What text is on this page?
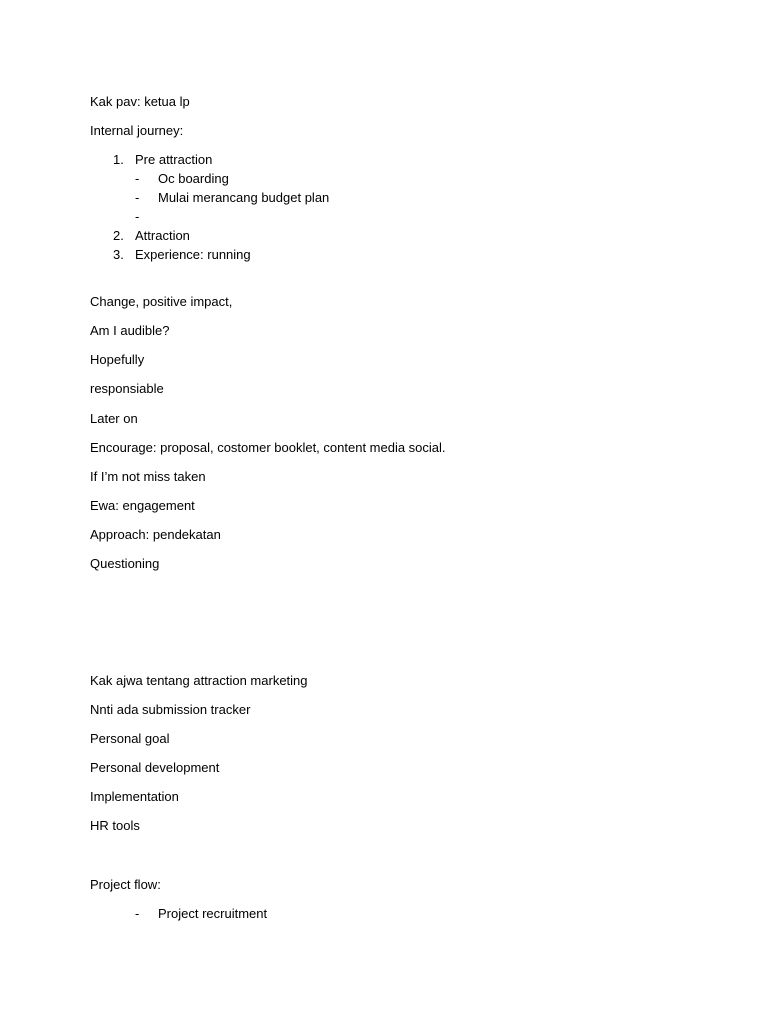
Kak pav: ketua lp
Internal journey:
1. Pre attraction
- Oc boarding
- Mulai merancang budget plan
-
2. Attraction
3. Experience: running
Change, positive impact,
Am I audible?
Hopefully
responsiable
Later on
Encourage: proposal, costomer booklet, content media social.
If I’m not miss taken
Ewa: engagement
Approach: pendekatan
Questioning
Kak ajwa tentang attraction marketing
Nnti ada submission tracker
Personal goal
Personal development
Implementation
HR tools
Project flow:
- Project recruitment
